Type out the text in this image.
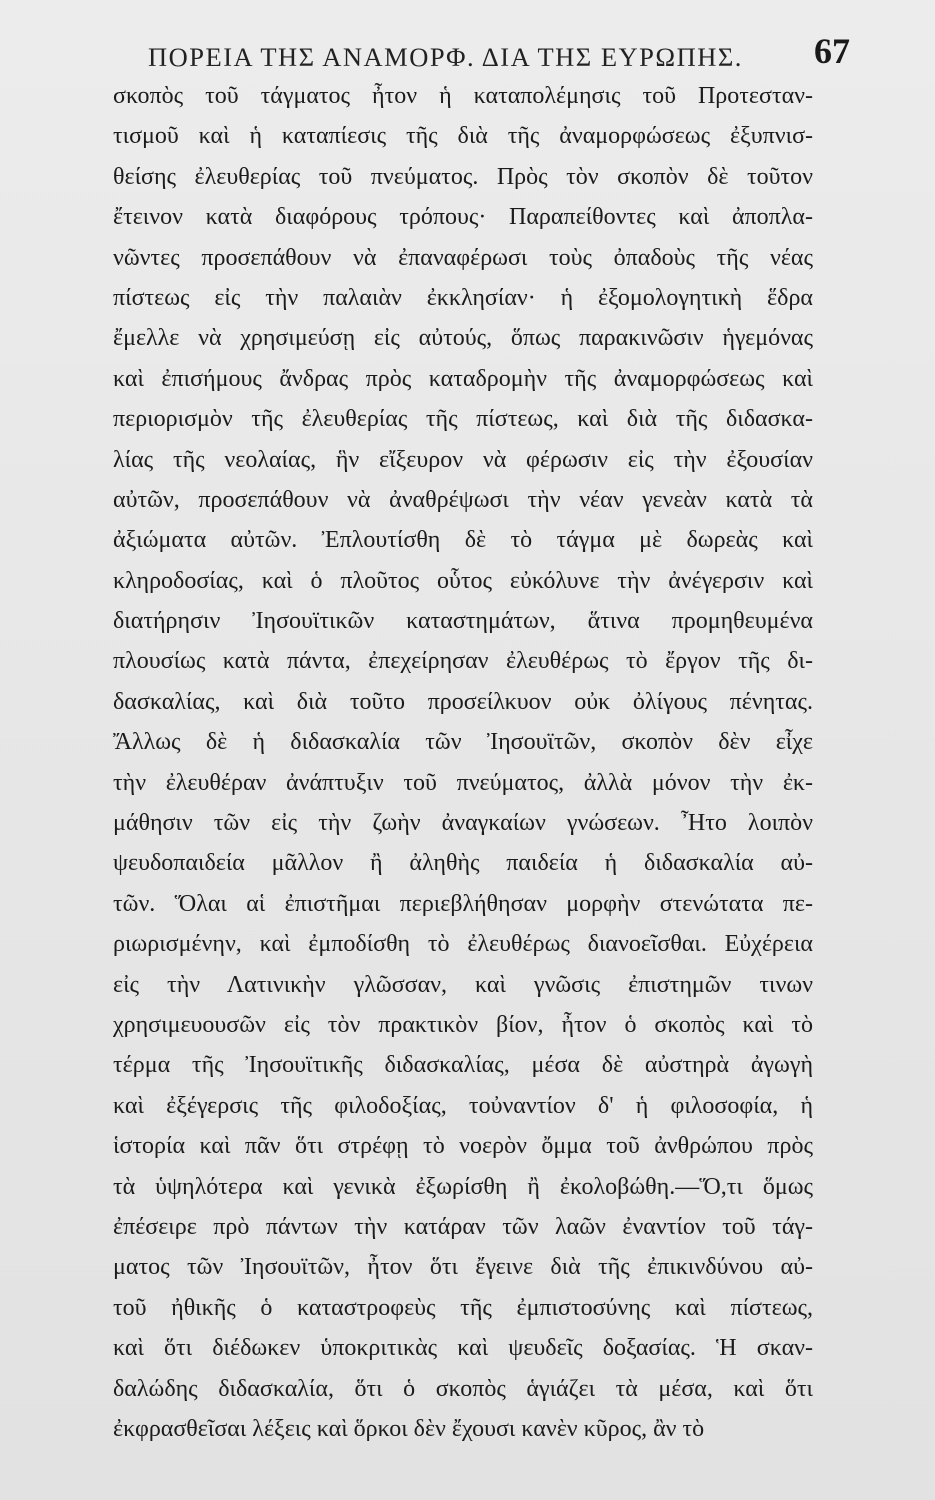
ΠΟΡΕΙΑ ΤΗΣ ΑΝΑΜΟΡΦ. ΔΙΑ ΤΗΣ ΕΥΡΩΠΗΣ. 67
σκοπὸς τοῦ τάγματος ἦτον ἡ καταπολέμησις τοῦ Προτεσταν-
τισμοῦ καὶ ἡ καταπίεσις τῆς διὰ τῆς ἀναμορφώσεως ἐξυπνισ-
θείσης ἐλευθερίας τοῦ πνεύματος. Πρὸς τὸν σκοπὸν δὲ τοῦτον
ἔτεινον κατὰ διαφόρους τρόπους· Παραπείθοντες καὶ ἀποπλα-
νῶντες προσεπάθουν νὰ ἐπαναφέρωσι τοὺς ὀπαδοὺς τῆς νέας
πίστεως εἰς τὴν παλαιὰν ἐκκλησίαν· ἡ ἐξομολογητικὴ ἕδρα
ἔμελλε νὰ χρησιμεύσῃ εἰς αὐτούς, ὅπως παρακινῶσιν ἡγεμόνας
καὶ ἐπισήμους ἄνδρας πρὸς καταδρομὴν τῆς ἀναμορφώσεως καὶ
περιορισμὸν τῆς ἐλευθερίας τῆς πίστεως, καὶ διὰ τῆς διδασκα-
λίας τῆς νεολαίας, ἣν εἴξευρον νὰ φέρωσιν εἰς τὴν ἐξουσίαν
αὐτῶν, προσεπάθουν νὰ ἀναθρέψωσι τὴν νέαν γενεὰν κατὰ τὰ
ἀξιώματα αὐτῶν. Ἐπλουτίσθη δὲ τὸ τάγμα μὲ δωρεὰς καὶ
κληροδοσίας, καὶ ὁ πλοῦτος οὗτος εὐκόλυνε τὴν ἀνέγερσιν καὶ
διατήρησιν Ἰησουϊτικῶν καταστημάτων, ἅτινα προμηθευμένα
πλουσίως κατὰ πάντα, ἐπεχείρησαν ἐλευθέρως τὸ ἔργον τῆς δι-
δασκαλίας, καὶ διὰ τοῦτο προσείλκυον οὐκ ὀλίγους πένητας.
Ἄλλως δὲ ἡ διδασκαλία τῶν Ἰησουϊτῶν, σκοπὸν δὲν εἶχε
τὴν ἐλευθέραν ἀνάπτυξιν τοῦ πνεύματος, ἀλλὰ μόνον τὴν ἐκ-
μάθησιν τῶν εἰς τὴν ζωὴν ἀναγκαίων γνώσεων. Ἦτο λοιπὸν
ψευδοπαιδεία μᾶλλον ἢ ἀληθὴς παιδεία ἡ διδασκαλία αὐ-
τῶν. Ὅλαι αἱ ἐπιστῆμαι περιεβλήθησαν μορφὴν στενώτατα πε-
ριωρισμένην, καὶ ἐμποδίσθη τὸ ἐλευθέρως διανοεῖσθαι. Εὐχέρεια
εἰς τὴν Λατινικὴν γλῶσσαν, καὶ γνῶσις ἐπιστημῶν τινων
χρησιμευουσῶν εἰς τὸν πρακτικὸν βίον, ἦτον ὁ σκοπὸς καὶ τὸ
τέρμα τῆς Ἰησουϊτικῆς διδασκαλίας, μέσα δὲ αὐστηρὰ ἀγωγὴ
καὶ ἐξέγερσις τῆς φιλοδοξίας, τοὐναντίον δ' ἡ φιλοσοφία, ἡ
ἱστορία καὶ πᾶν ὅτι στρέφῃ τὸ νοερὸν ὄμμα τοῦ ἀνθρώπου πρὸς
τὰ ὑψηλότερα καὶ γενικὰ ἐξωρίσθη ἢ ἐκολοβώθη.—Ὅ,τι ὅμως
ἐπέσειρε πρὸ πάντων τὴν κατάραν τῶν λαῶν ἐναντίον τοῦ τάγ-
ματος τῶν Ἰησουϊτῶν, ἦτον ὅτι ἔγεινε διὰ τῆς ἐπικινδύνου αὐ-
τοῦ ἠθικῆς ὁ καταστροφεὺς τῆς ἐμπιστοσύνης καὶ πίστεως,
καὶ ὅτι διέδωκεν ὑποκριτικὰς καὶ ψευδεῖς δοξασίας. Ἡ σκαν-
δαλώδης διδασκαλία, ὅτι ὁ σκοπὸς ἁγιάζει τὰ μέσα, καὶ ὅτι
ἐκφρασθεῖσαι λέξεις καὶ ὅρκοι δὲν ἔχουσι κανὲν κῦρος, ἂν τὸ
